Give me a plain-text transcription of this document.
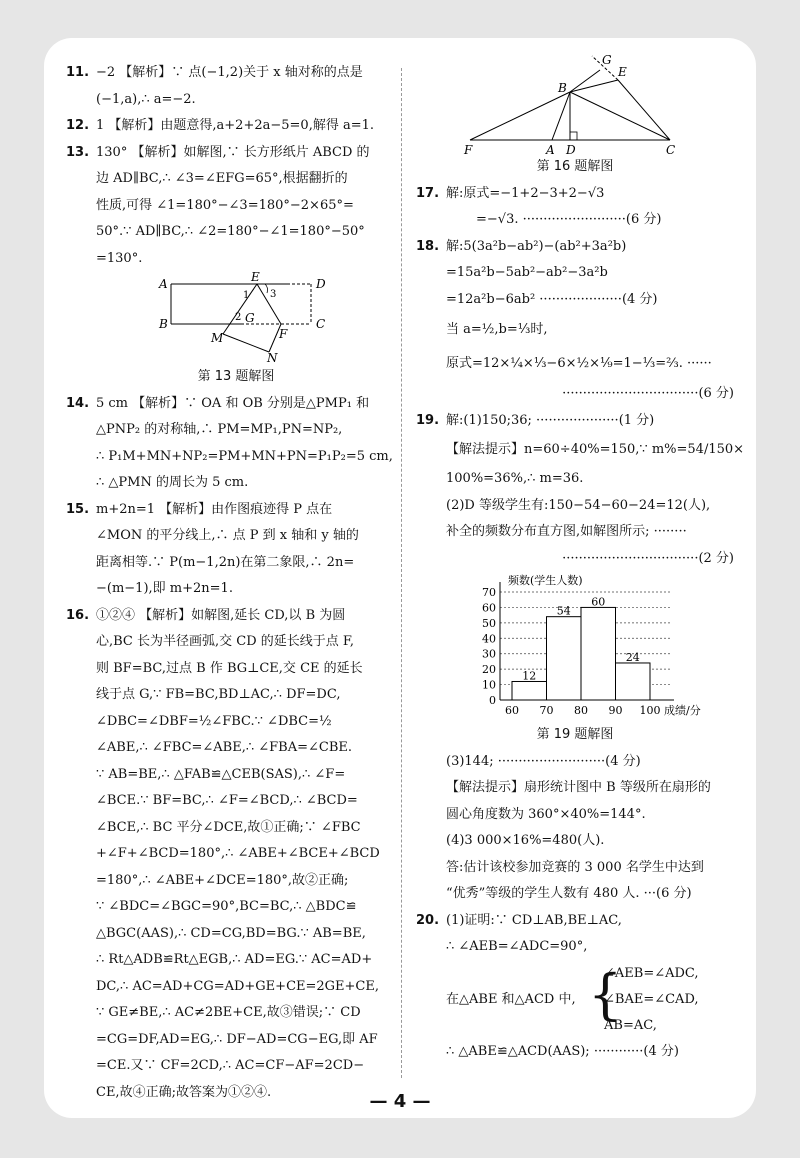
11. −2 【解析】∵ 点(−1,2)关于 x 轴对称的点是
(−1,a),∴ a=−2.
12. 1 【解析】由题意得,a+2+2a−5=0,解得 a=1.
13. 130° 【解析】如解图,∵ 长方形纸片 ABCD 的
边 AD∥BC,∴ ∠3=∠EFG=65°,根据翻折的
性质,可得 ∠1=180°−∠3=180°−2×65°=
50°.∵ AD∥BC,∴ ∠2=180°−∠1=180°−50°
=130°.
A
B	C
D
E
F
G
M
N
1
2
3
第 13 题解图
14. 5 cm 【解析】∵ OA 和 OB 分别是△PMP₁ 和
△PNP₂ 的对称轴,∴ PM=MP₁,PN=NP₂,
∴ P₁M+MN+NP₂=PM+MN+PN=P₁P₂=5 cm,
∴ △PMN 的周长为 5 cm.
15. m+2n=1 【解析】由作图痕迹得 P 点在
∠MON 的平分线上,∴ 点 P 到 x 轴和 y 轴的
距离相等.∵ P(m−1,2n)在第二象限,∴ 2n=
−(m−1),即 m+2n=1.
16. ①②④ 【解析】如解图,延长 CD,以 B 为圆
心,BC 长为半径画弧,交 CD 的延长线于点 F,
则 BF=BC,过点 B 作 BG⊥CE,交 CE 的延长
线于点 G,∵ FB=BC,BD⊥AC,∴ DF=DC,
∠DBC=∠DBF=½∠FBC.∵ ∠DBC=½
∠ABE,∴ ∠FBC=∠ABE,∴ ∠FBA=∠CBE.
∵ AB=BE,∴ △FAB≌△CEB(SAS),∴ ∠F=
∠BCE.∵ BF=BC,∴ ∠F=∠BCD,∴ ∠BCD=
∠BCE,∴ BC 平分∠DCE,故①正确;∵ ∠FBC
+∠F+∠BCD=180°,∴ ∠ABE+∠BCE+∠BCD
=180°,∴ ∠ABE+∠DCE=180°,故②正确;
∵ ∠BDC=∠BGC=90°,BC=BC,∴ △BDC≌
△BGC(AAS),∴ CD=CG,BD=BG.∵ AB=BE,
∴ Rt△ADB≌Rt△EGB,∴ AD=EG.∵ AC=AD+
DC,∴ AC=AD+CG=AD+GE+CE=2GE+CE,
∵ GE≠BE,∴ AC≠2BE+CE,故③错误;∵ CD
=CG=DF,AD=EG,∴ DF−AD=CG−EG,即 AF
=CE.又∵ CF=2CD,∴ AC=CF−AF=2CD−
CE,故④正确;故答案为①②④.
F	A D	C
B
E
G
第 16 题解图
17. 解:原式=−1+2−3+2−√3
=−√3. ·························(6 分)
18. 解:5(3a²b−ab²)−(ab²+3a²b)
=15a²b−5ab²−ab²−3a²b
=12a²b−6ab² ····················(4 分)
当 a=½,b=⅓时,
原式=12×¼×⅓−6×½×⅑=1−⅓=⅔. ······
·································(6 分)
19. 解:(1)150;36; ····················(1 分)
【解法提示】n=60÷40%=150,∵ m%=54/150×
100%=36%,∴ m=36.
(2)D 等级学生有:150−54−60−24=12(人),
补全的频数分布直方图,如解图所示; ········
·································(2 分)
0
10
20
30
40
50
60
70
频数(学生人数)
12
54
60
24
60 70 80 90 100 成绩/分
第 19 题解图
(3)144; ··························(4 分)
【解法提示】扇形统计图中 B 等级所在扇形的
圆心角度数为 360°×40%=144°.
(4)3 000×16%=480(人).
答:估计该校参加竞赛的 3 000 名学生中达到
“优秀”等级的学生人数有 480 人. ···(6 分)
20. (1)证明:∵ CD⊥AB,BE⊥AC,
∴ ∠AEB=∠ADC=90°,
在△ABE 和△ACD 中, {
∠AEB=∠ADC,
∠BAE=∠CAD,
AB=AC,
∴ △ABE≌△ACD(AAS); ············(4 分)
— 4 —
